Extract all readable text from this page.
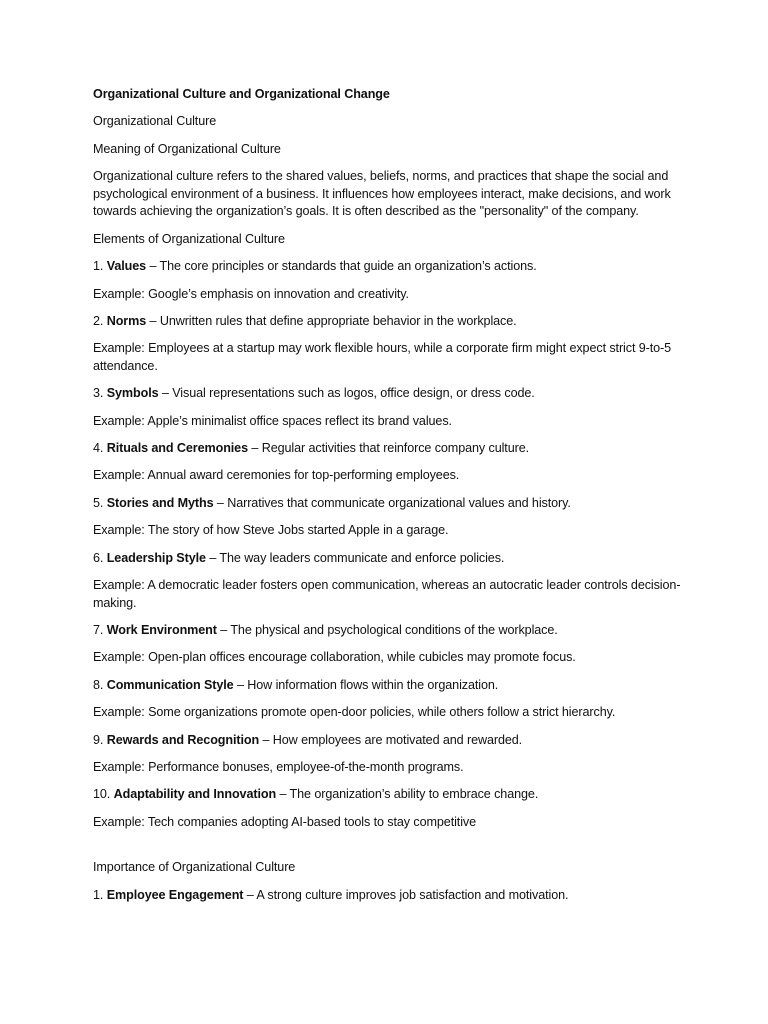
Organizational Culture and Organizational Change

Organizational Culture

Meaning of Organizational Culture

Organizational culture refers to the shared values, beliefs, norms, and practices that shape the social and psychological environment of a business. It influences how employees interact, make decisions, and work towards achieving the organization’s goals. It is often described as the "personality" of the company.

Elements of Organizational Culture

1. Values – The core principles or standards that guide an organization’s actions.

Example: Google’s emphasis on innovation and creativity.

2. Norms – Unwritten rules that define appropriate behavior in the workplace.

Example: Employees at a startup may work flexible hours, while a corporate firm might expect strict 9-to-5 attendance.

3. Symbols – Visual representations such as logos, office design, or dress code.

Example: Apple’s minimalist office spaces reflect its brand values.

4. Rituals and Ceremonies – Regular activities that reinforce company culture.

Example: Annual award ceremonies for top-performing employees.

5. Stories and Myths – Narratives that communicate organizational values and history.

Example: The story of how Steve Jobs started Apple in a garage.

6. Leadership Style – The way leaders communicate and enforce policies.

Example: A democratic leader fosters open communication, whereas an autocratic leader controls decision-making.

7. Work Environment – The physical and psychological conditions of the workplace.

Example: Open-plan offices encourage collaboration, while cubicles may promote focus.

8. Communication Style – How information flows within the organization.

Example: Some organizations promote open-door policies, while others follow a strict hierarchy.

9. Rewards and Recognition – How employees are motivated and rewarded.

Example: Performance bonuses, employee-of-the-month programs.

10. Adaptability and Innovation – The organization’s ability to embrace change.

Example: Tech companies adopting AI-based tools to stay competitive

Importance of Organizational Culture

1. Employee Engagement – A strong culture improves job satisfaction and motivation.
